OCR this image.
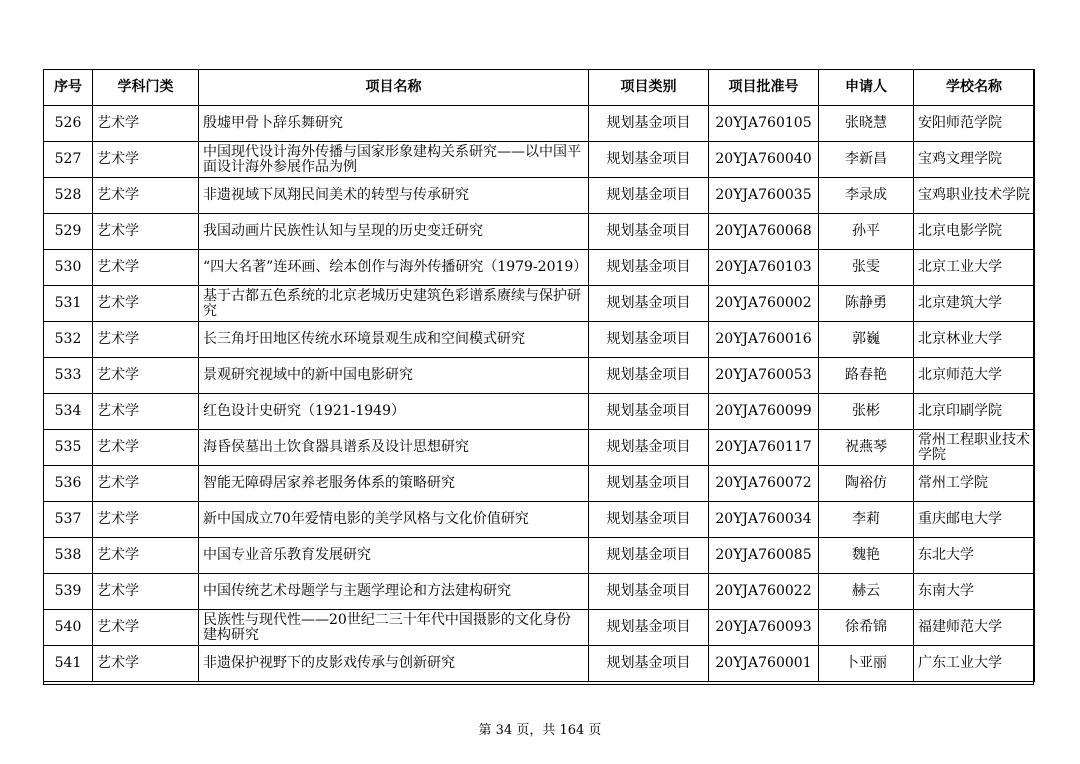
序号	学科门类	项目名称	项目类别	项目批准号	申请人	学校名称
526	艺术学	殷墟甲骨卜辞乐舞研究	规划基金项目	20YJA760105	张晓慧	安阳师范学院
527	艺术学	中国现代设计海外传播与国家形象建构关系研究——以中国平面设计海外参展作品为例	规划基金项目	20YJA760040	李新昌	宝鸡文理学院
528	艺术学	非遗视域下凤翔民间美术的转型与传承研究	规划基金项目	20YJA760035	李录成	宝鸡职业技术学院
529	艺术学	我国动画片民族性认知与呈现的历史变迁研究	规划基金项目	20YJA760068	孙平	北京电影学院
530	艺术学	“四大名著”连环画、绘本创作与海外传播研究（1979-2019）	规划基金项目	20YJA760103	张雯	北京工业大学
531	艺术学	基于古都五色系统的北京老城历史建筑色彩谱系赓续与保护研究	规划基金项目	20YJA760002	陈静勇	北京建筑大学
532	艺术学	长三角圩田地区传统水环境景观生成和空间模式研究	规划基金项目	20YJA760016	郭巍	北京林业大学
533	艺术学	景观研究视域中的新中国电影研究	规划基金项目	20YJA760053	路春艳	北京师范大学
534	艺术学	红色设计史研究（1921-1949）	规划基金项目	20YJA760099	张彬	北京印刷学院
535	艺术学	海昏侯墓出土饮食器具谱系及设计思想研究	规划基金项目	20YJA760117	祝燕琴	常州工程职业技术学院
536	艺术学	智能无障碍居家养老服务体系的策略研究	规划基金项目	20YJA760072	陶裕仿	常州工学院
537	艺术学	新中国成立70年爱情电影的美学风格与文化价值研究	规划基金项目	20YJA760034	李莉	重庆邮电大学
538	艺术学	中国专业音乐教育发展研究	规划基金项目	20YJA760085	魏艳	东北大学
539	艺术学	中国传统艺术母题学与主题学理论和方法建构研究	规划基金项目	20YJA760022	赫云	东南大学
540	艺术学	民族性与现代性——20世纪二三十年代中国摄影的文化身份建构研究	规划基金项目	20YJA760093	徐希锦	福建师范大学
541	艺术学	非遗保护视野下的皮影戏传承与创新研究	规划基金项目	20YJA760001	卜亚丽	广东工业大学
第 34 页，共 164 页
